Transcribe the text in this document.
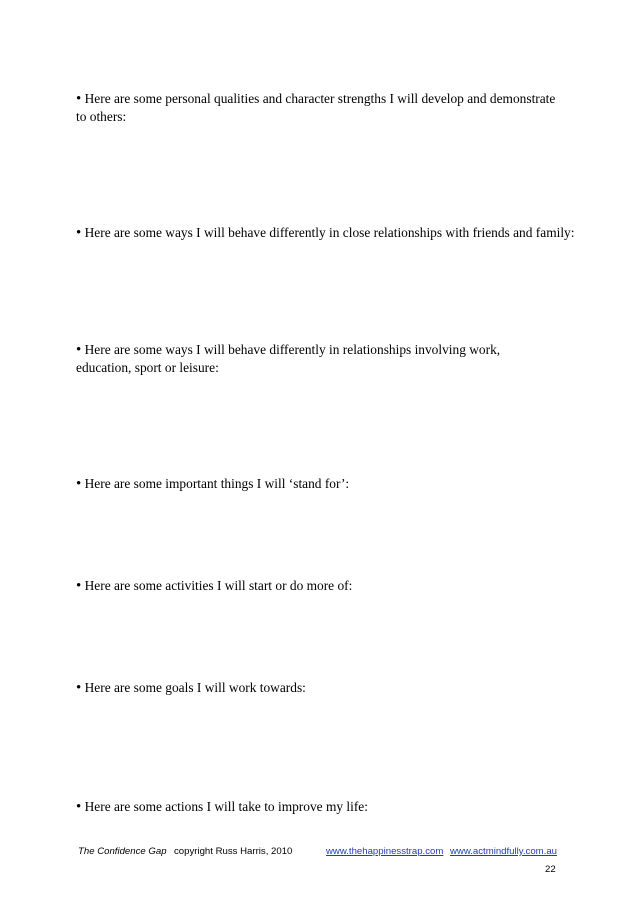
• Here are some personal qualities and character strengths I will develop and demonstrate to others:

• Here are some ways I will behave differently in close relationships with friends and family:

• Here are some ways I will behave differently in relationships involving work, education, sport or leisure:

• Here are some important things I will ‘stand for’:

• Here are some activities I will start or do more of:

• Here are some goals I will work towards:

• Here are some actions I will take to improve my life:

The Confidence Gap copyright Russ Harris, 2010	www.thehappinesstrap.com www.actmindfully.com.au
22
